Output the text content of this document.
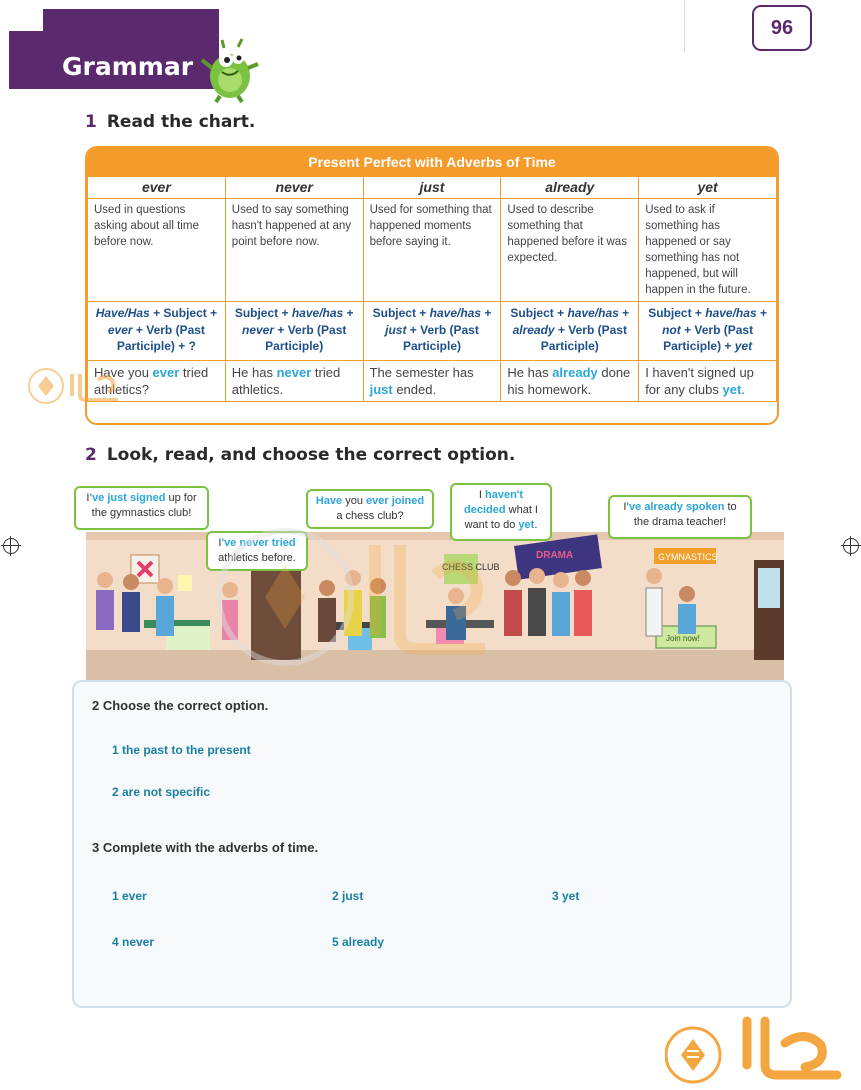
Grammar
96
1 Read the chart.
Present Perfect with Adverbs of Time
ever	never	just	already	yet
Used in questions asking about all time before now.	Used to say something hasn't happened at any point before now.	Used for something that happened moments before saying it.	Used to describe something that happened before it was expected.	Used to ask if something has happened or say something has not happened, but will happen in the future.
Have/Has + Subject + ever + Verb (Past Participle) + ?	Subject + have/has + never + Verb (Past Participle)	Subject + have/has + just + Verb (Past Participle)	Subject + have/has + already + Verb (Past Participle)	Subject + have/has + not + Verb (Past Participle) + yet
Have you ever tried athletics?	He has never tried athletics.	The semester has just ended.	He has already done his homework.	I haven't signed up for any clubs yet.
2 Look, read, and choose the correct option.
CHESS CLUB
DRAMA	GYMNASTICS
Join now!
I've just signed up for the gymnastics club!
I've never tried athletics before.
Have you ever joined a chess club?
I haven't decided what I want to do yet.
I've already spoken to the drama teacher!
2 Choose the correct option.
1 the past to the present
2 are not specific
3 Complete with the adverbs of time.
1 ever	2 just	3 yet
4 never	5 already
